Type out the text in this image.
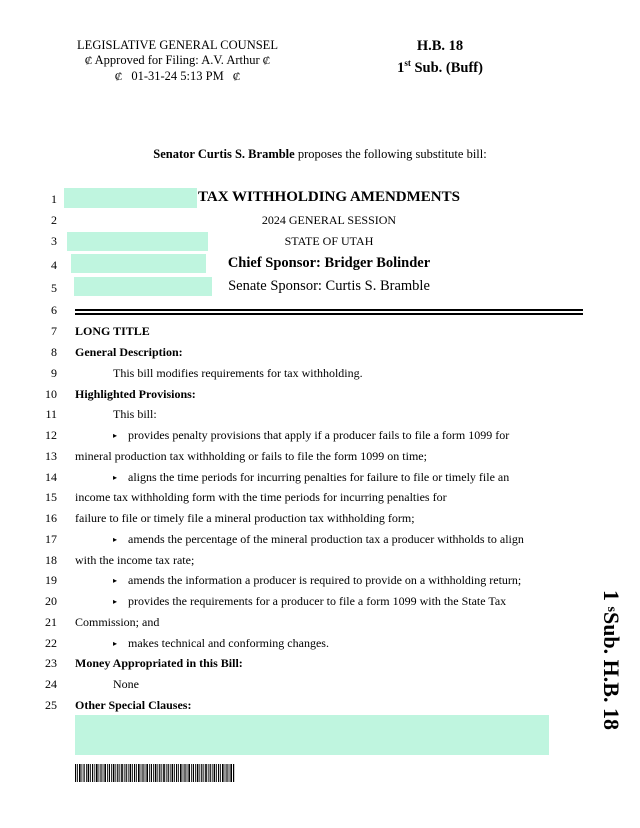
LEGISLATIVE GENERAL COUNSEL
₡ Approved for Filing: A.V. Arthur ₡
₡ 01-31-24 5:13 PM ₡
H.B. 18
1st Sub. (Buff)
Senator Curtis S. Bramble proposes the following substitute bill:
1
2
3
4
5
6
7
8
9
10
11
12
13
14
15
16
17
18
19
20
21
22
23
24
25
TAX WITHHOLDING AMENDMENTS
2024 GENERAL SESSION
STATE OF UTAH
Chief Sponsor: Bridger Bolinder
Senate Sponsor: Curtis S. Bramble
LONG TITLE
General Description:
This bill modifies requirements for tax withholding.
Highlighted Provisions:
This bill:
▸ provides penalty provisions that apply if a producer fails to file a form 1099 for
mineral production tax withholding or fails to file the form 1099 on time;
▸ aligns the time periods for incurring penalties for failure to file or timely file an
income tax withholding form with the time periods for incurring penalties for
failure to file or timely file a mineral production tax withholding form;
▸ amends the percentage of the mineral production tax a producer withholds to align
with the income tax rate;
▸ amends the information a producer is required to provide on a withholding return;
▸ provides the requirements for a producer to file a form 1099 with the State Tax
Commission; and
▸ makes technical and conforming changes.
Money Appropriated in this Bill:
None
Other Special Clauses:
1 sSub. H.B. 18
